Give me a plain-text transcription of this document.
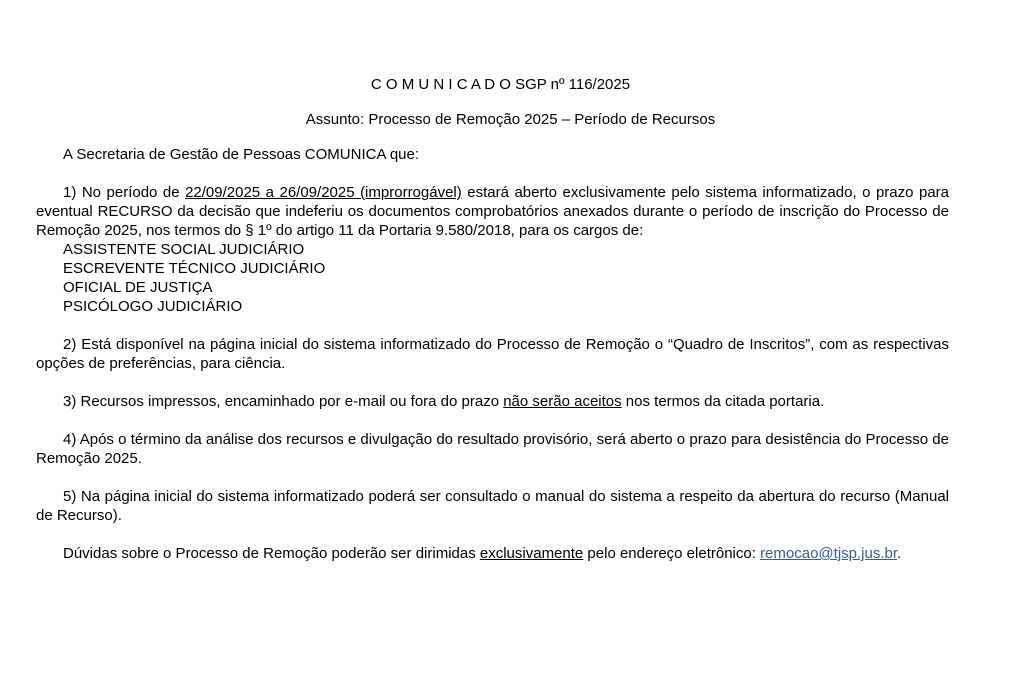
C O M U N I C A D O SGP nº 116/2025
Assunto: Processo de Remoção 2025 – Período de Recursos

A Secretaria de Gestão de Pessoas COMUNICA que:

1) No período de 22/09/2025 a 26/09/2025 (improrrogável) estará aberto exclusivamente pelo sistema informatizado, o prazo para eventual RECURSO da decisão que indeferiu os documentos comprobatórios anexados durante o período de inscrição do Processo de Remoção 2025, nos termos do § 1º do artigo 11 da Portaria 9.580/2018, para os cargos de:

ASSISTENTE SOCIAL JUDICIÁRIO
ESCREVENTE TÉCNICO JUDICIÁRIO
OFICIAL DE JUSTIÇA
PSICÓLOGO JUDICIÁRIO

2) Está disponível na página inicial do sistema informatizado do Processo de Remoção o “Quadro de Inscritos”, com as respectivas opções de preferências, para ciência.

3) Recursos impressos, encaminhado por e-mail ou fora do prazo não serão aceitos nos termos da citada portaria.

4) Após o término da análise dos recursos e divulgação do resultado provisório, será aberto o prazo para desistência do Processo de Remoção 2025.

5) Na página inicial do sistema informatizado poderá ser consultado o manual do sistema a respeito da abertura do recurso (Manual de Recurso).

Dúvidas sobre o Processo de Remoção poderão ser dirimidas exclusivamente pelo endereço eletrônico: remocao@tjsp.jus.br.
